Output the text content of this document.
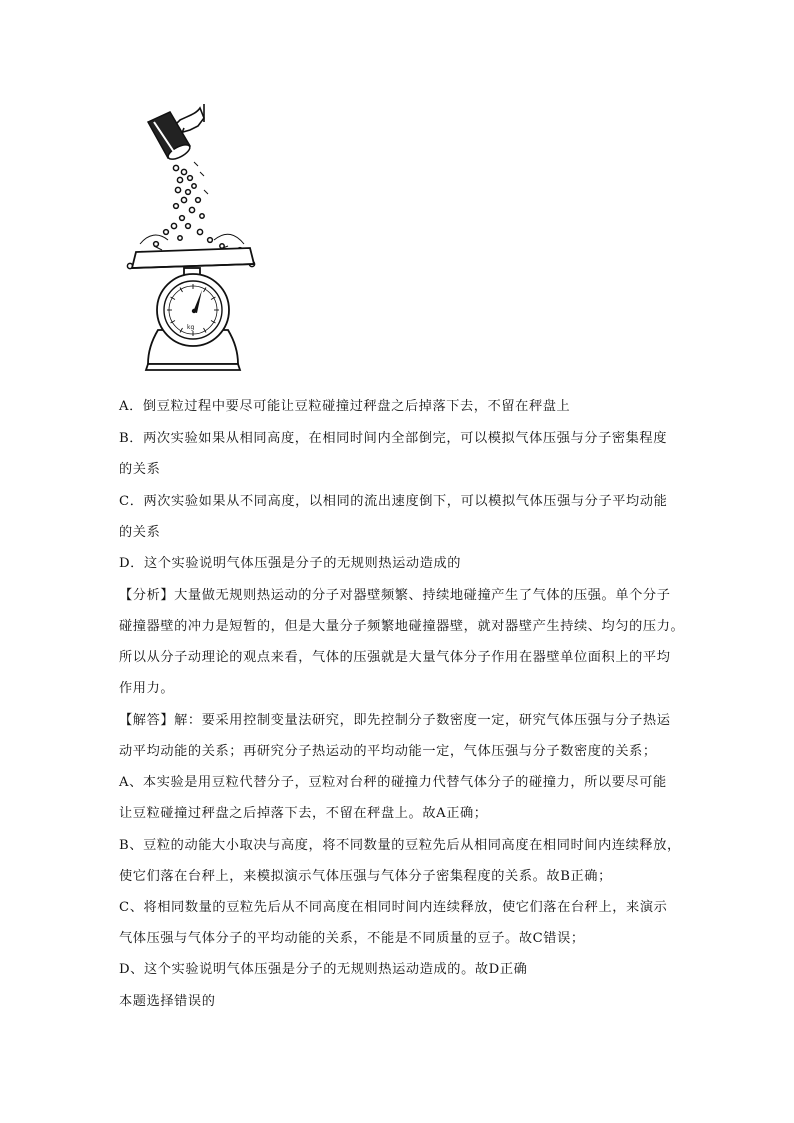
kg
A．倒豆粒过程中要尽可能让豆粒碰撞过秤盘之后掉落下去，不留在秤盘上
B．两次实验如果从相同高度，在相同时间内全部倒完，可以模拟气体压强与分子密集程度
的关系
C．两次实验如果从不同高度，以相同的流出速度倒下，可以模拟气体压强与分子平均动能
的关系
D．这个实验说明气体压强是分子的无规则热运动造成的
【分析】大量做无规则热运动的分子对器壁频繁、持续地碰撞产生了气体的压强。单个分子
碰撞器壁的冲力是短暂的，但是大量分子频繁地碰撞器壁，就对器壁产生持续、均匀的压力。
所以从分子动理论的观点来看，气体的压强就是大量气体分子作用在器壁单位面积上的平均
作用力。
【解答】解：要采用控制变量法研究，即先控制分子数密度一定，研究气体压强与分子热运
动平均动能的关系；再研究分子热运动的平均动能一定，气体压强与分子数密度的关系；
A、本实验是用豆粒代替分子，豆粒对台秤的碰撞力代替气体分子的碰撞力，所以要尽可能
让豆粒碰撞过秤盘之后掉落下去，不留在秤盘上。故A正确；
B、豆粒的动能大小取决与高度，将不同数量的豆粒先后从相同高度在相同时间内连续释放，
使它们落在台秤上，来模拟演示气体压强与气体分子密集程度的关系。故B正确；
C、将相同数量的豆粒先后从不同高度在相同时间内连续释放，使它们落在台秤上，来演示
气体压强与气体分子的平均动能的关系，不能是不同质量的豆子。故C错误；
D、这个实验说明气体压强是分子的无规则热运动造成的。故D正确
本题选择错误的
